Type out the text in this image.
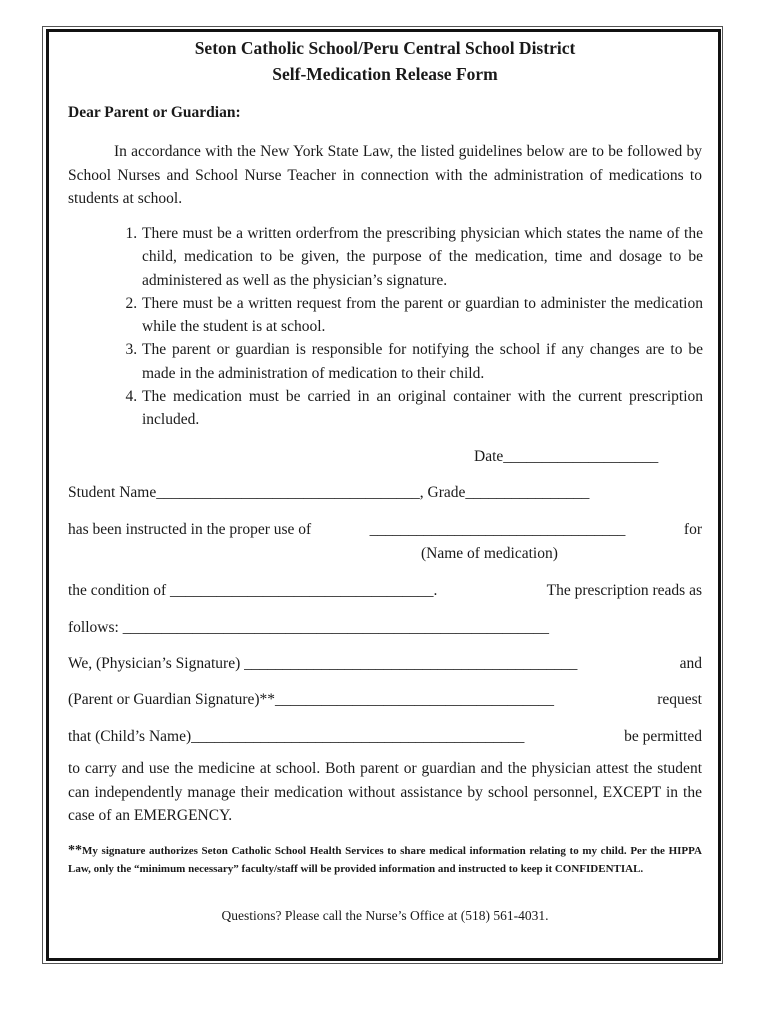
Seton Catholic School/Peru Central School District
Self-Medication Release Form
Dear Parent or Guardian:
In accordance with the New York State Law, the listed guidelines below are to be followed by School Nurses and School Nurse Teacher in connection with the administration of medications to students at school.
1. There must be a written orderfrom the prescribing physician which states the name of the child, medication to be given, the purpose of the medication, time and dosage to be administered as well as the physician’s signature.
2. There must be a written request from the parent or guardian to administer the medication while the student is at school.
3. The parent or guardian is responsible for notifying the school if any changes are to be made in the administration of medication to their child.
4. The medication must be carried in an original container with the current prescription included.
Date____________________
Student Name__________________________________, Grade________________
has been instructed in the proper use of	_________________________________	for
(Name of medication)
the condition of __________________________________.	The prescription reads as
follows: _______________________________________________________
We, (Physician’s Signature) ___________________________________________	and
(Parent or Guardian Signature)**____________________________________	request
that (Child’s Name)___________________________________________	be permitted
to carry and use the medicine at school. Both parent or guardian and the physician attest the student can independently manage their medication without assistance by school personnel, EXCEPT in the case of an EMERGENCY.
**My signature authorizes Seton Catholic School Health Services to share medical information relating to my child. Per the HIPPA Law, only the “minimum necessary” faculty/staff will be provided information and instructed to keep it CONFIDENTIAL.
Questions? Please call the Nurse’s Office at (518) 561-4031.
